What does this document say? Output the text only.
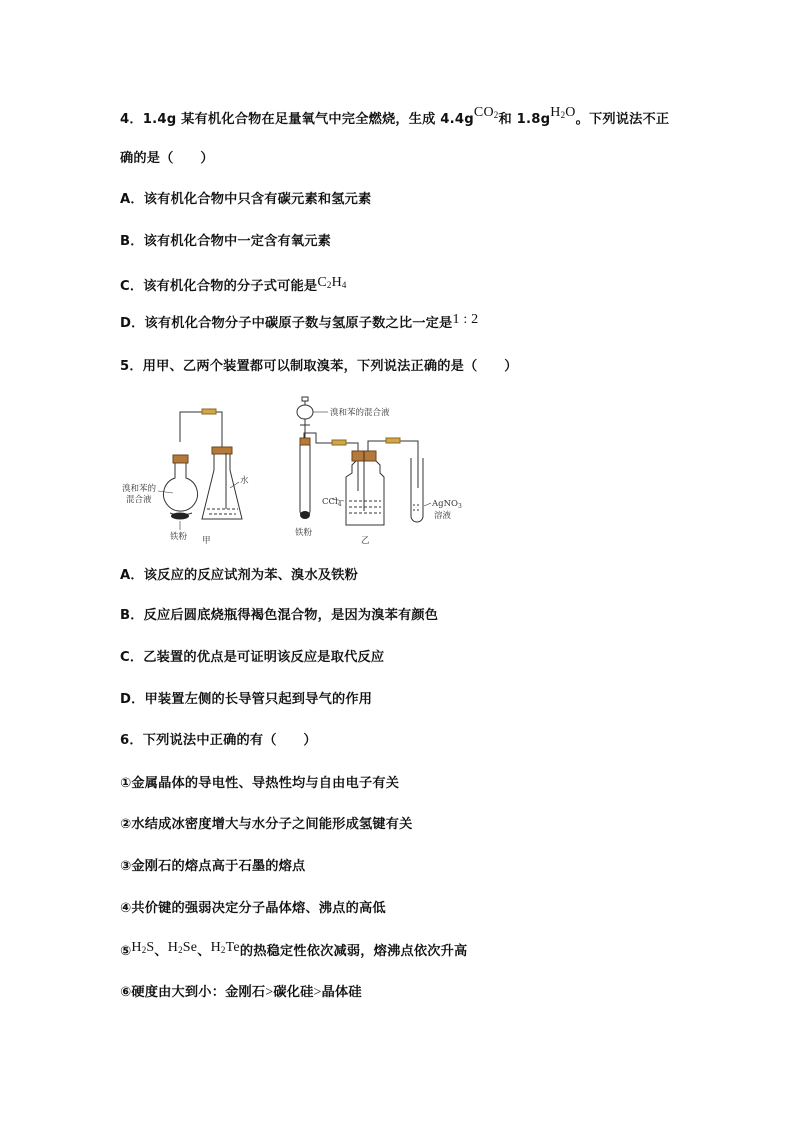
4．1.4g 某有机化合物在足量氧气中完全燃烧，生成 4.4gCO$_2$和 $1.8gH_2O$。下列说法不正
确的是（　　）
A．该有机化合物中只含有碳元素和氢元素
B．该有机化合物中一定含有氧元素
C．该有机化合物的分子式可能是$C_2H_4$
D．该有机化合物分子中碳原子数与氢原子数之比一定是1 : 2
5．用甲、乙两个装置都可以制取溴苯，下列说法正确的是（　　）
溴和苯的
混合液
铁粉
水
甲
溴和苯的混合液
CCl$_4$
铁粉
AgNO$_3$
溶液
乙
A．该反应的反应试剂为苯、溴水及铁粉
B．反应后圆底烧瓶得褐色混合物，是因为溴苯有颜色
C．乙装置的优点是可证明该反应是取代反应
D．甲装置左侧的长导管只起到导气的作用
6．下列说法中正确的有（　　）
①金属晶体的导电性、导热性均与自由电子有关
②水结成冰密度增大与水分子之间能形成氢键有关
③金刚石的熔点高于石墨的熔点
④共价键的强弱决定分子晶体熔、沸点的高低
$⑤H_2S$、$H_2Se$、$H_2Te$的热稳定性依次减弱，熔沸点依次升高
⑥硬度由大到小：金刚石>碳化硅>晶体硅
